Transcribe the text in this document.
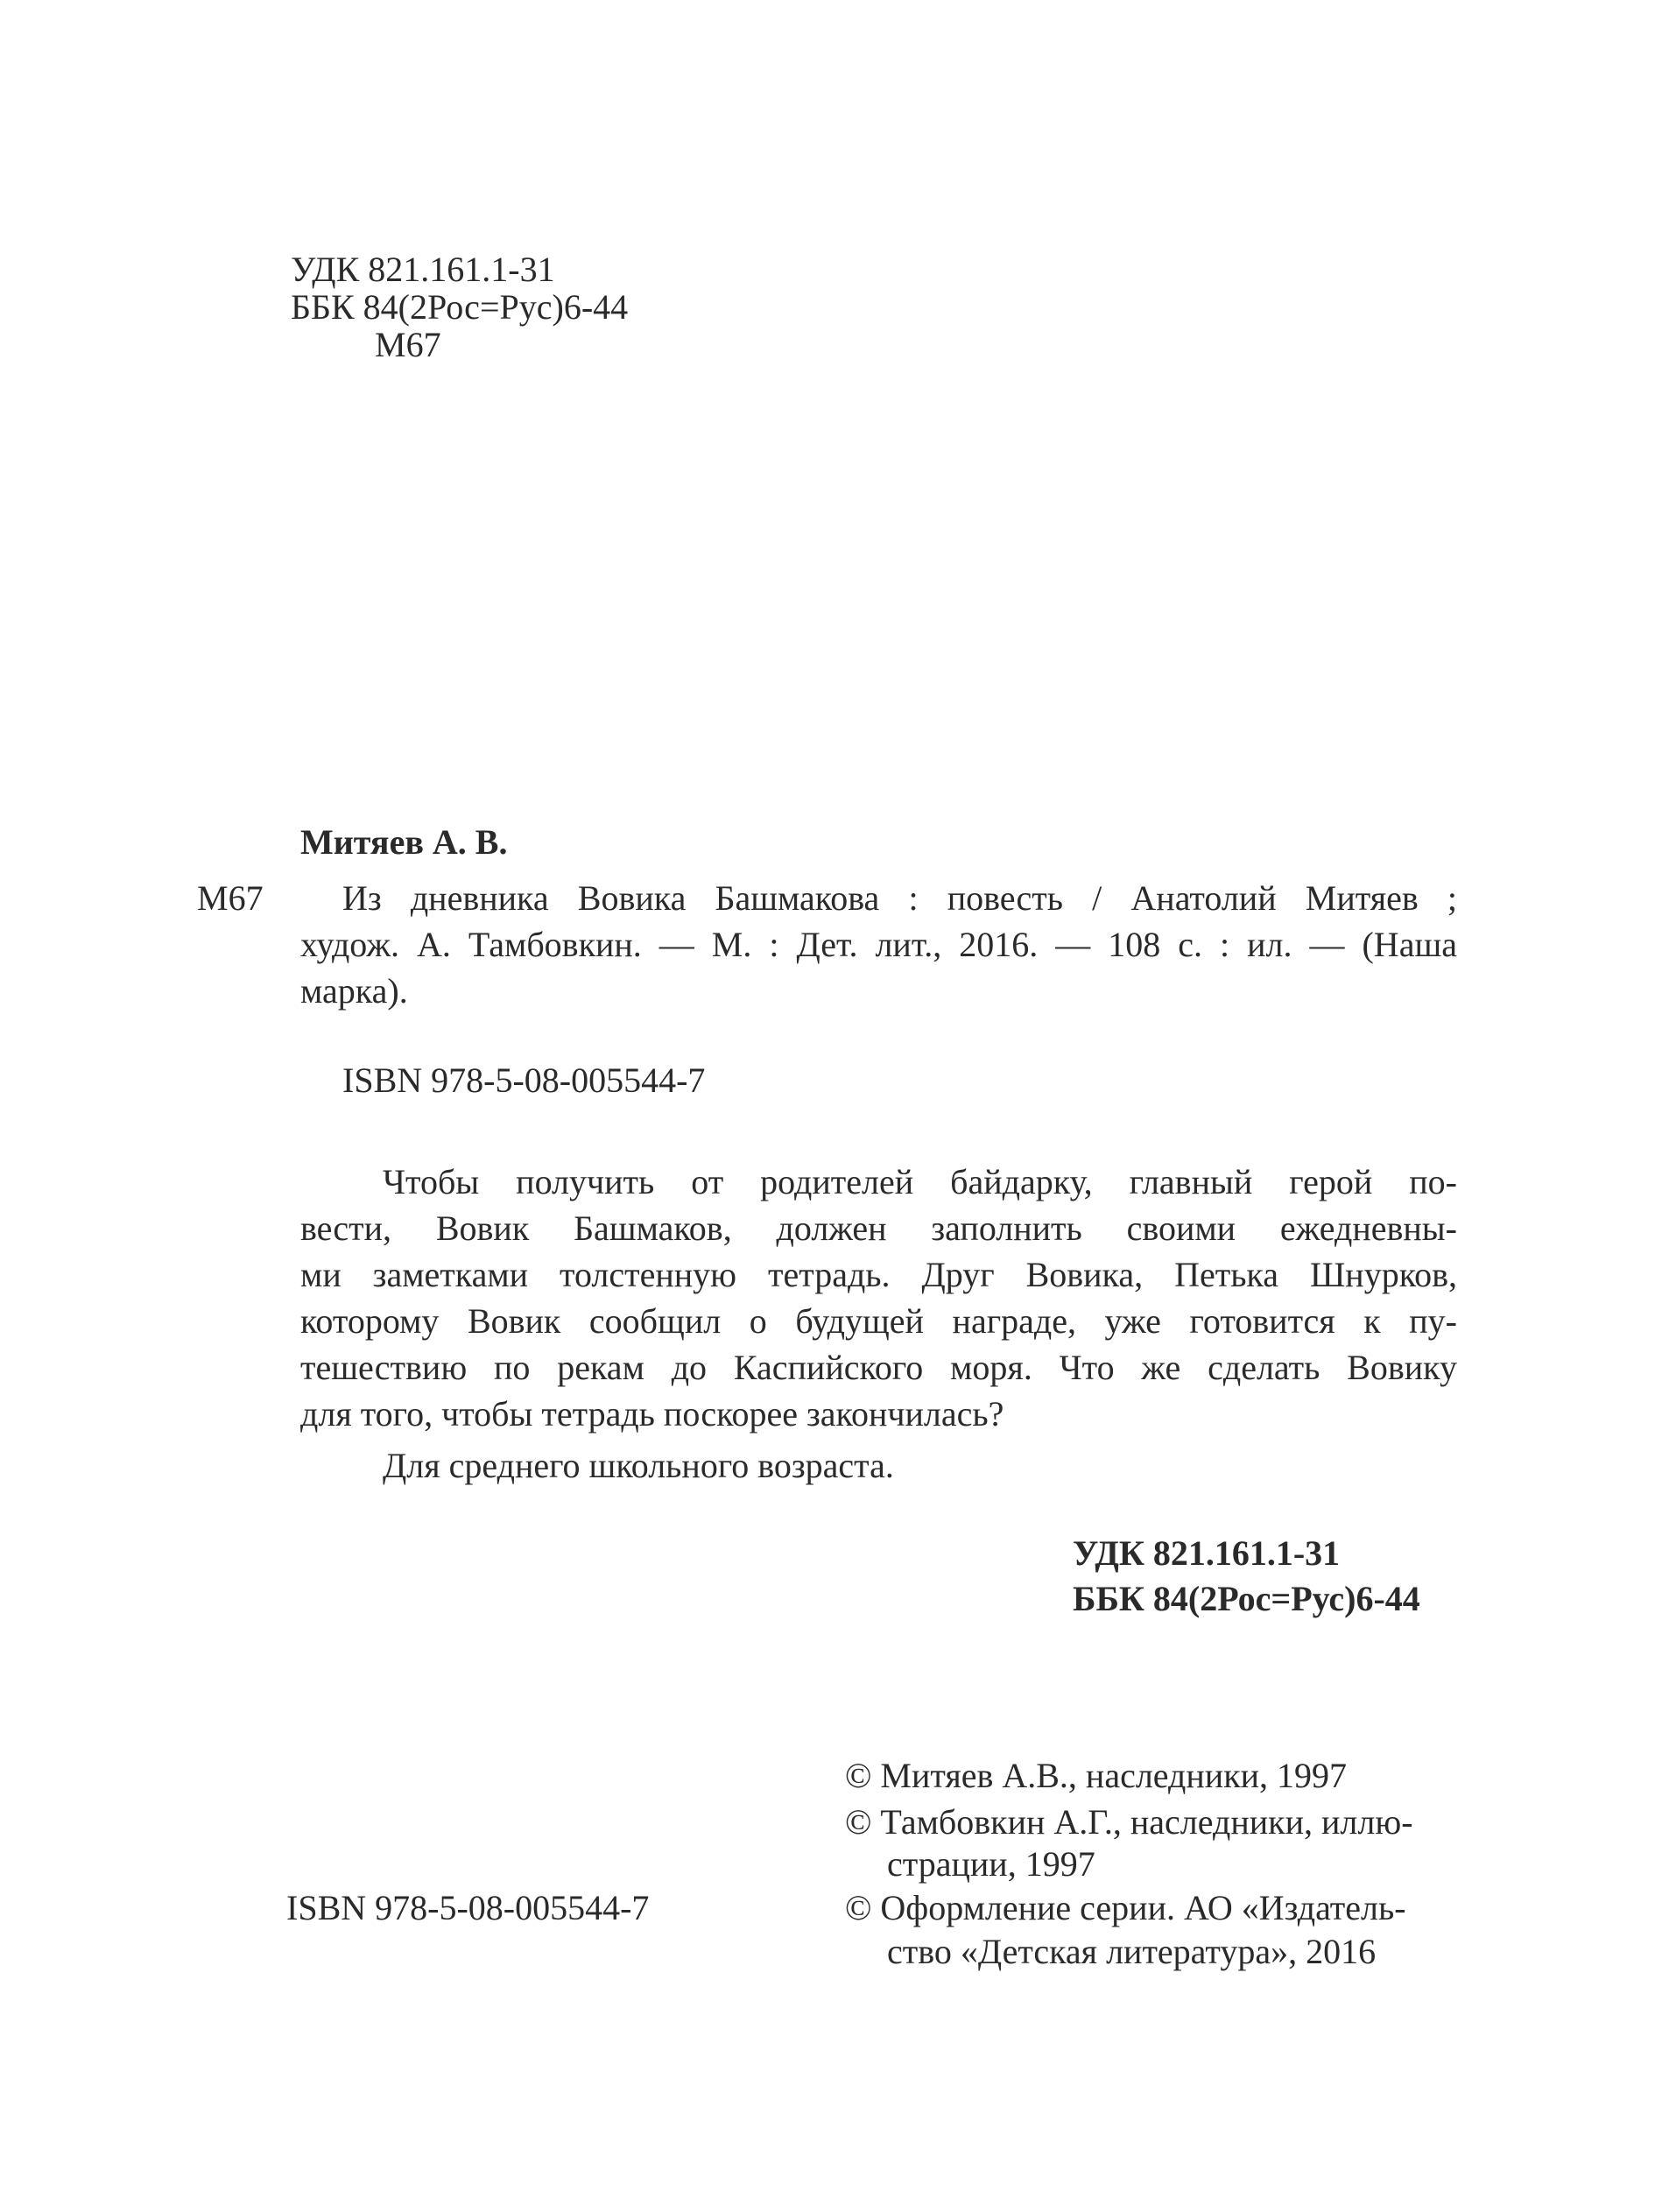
УДК 821.161.1-31
ББК 84(2Рос=Рус)6-44
М67
Митяев А. В.
М67 Из дневника Вовика Башмакова : повесть / Анатолий Митяев ;
худож. А. Тамбовкин. — М. : Дет. лит., 2016. — 108 с. : ил. — (Наша
марка).
ISBN 978-5-08-005544-7
Чтобы получить от родителей байдарку, главный герой по-
вести, Вовик Башмаков, должен заполнить своими ежедневны-
ми заметками толстенную тетрадь. Друг Вовика, Петька Шнурков,
которому Вовик сообщил о будущей награде, уже готовится к пу-
тешествию по рекам до Каспийского моря. Что же сделать Вовику
для того, чтобы тетрадь поскорее закончилась?
Для среднего школьного возраста.
УДК 821.161.1-31
ББК 84(2Рос=Рус)6-44
ISBN 978-5-08-005544-7
© Митяев А.В., наследники, 1997
© Тамбовкин А.Г., наследники, иллю-
страции, 1997
© Оформление серии. АО «Издатель-
ство «Детская литература», 2016
